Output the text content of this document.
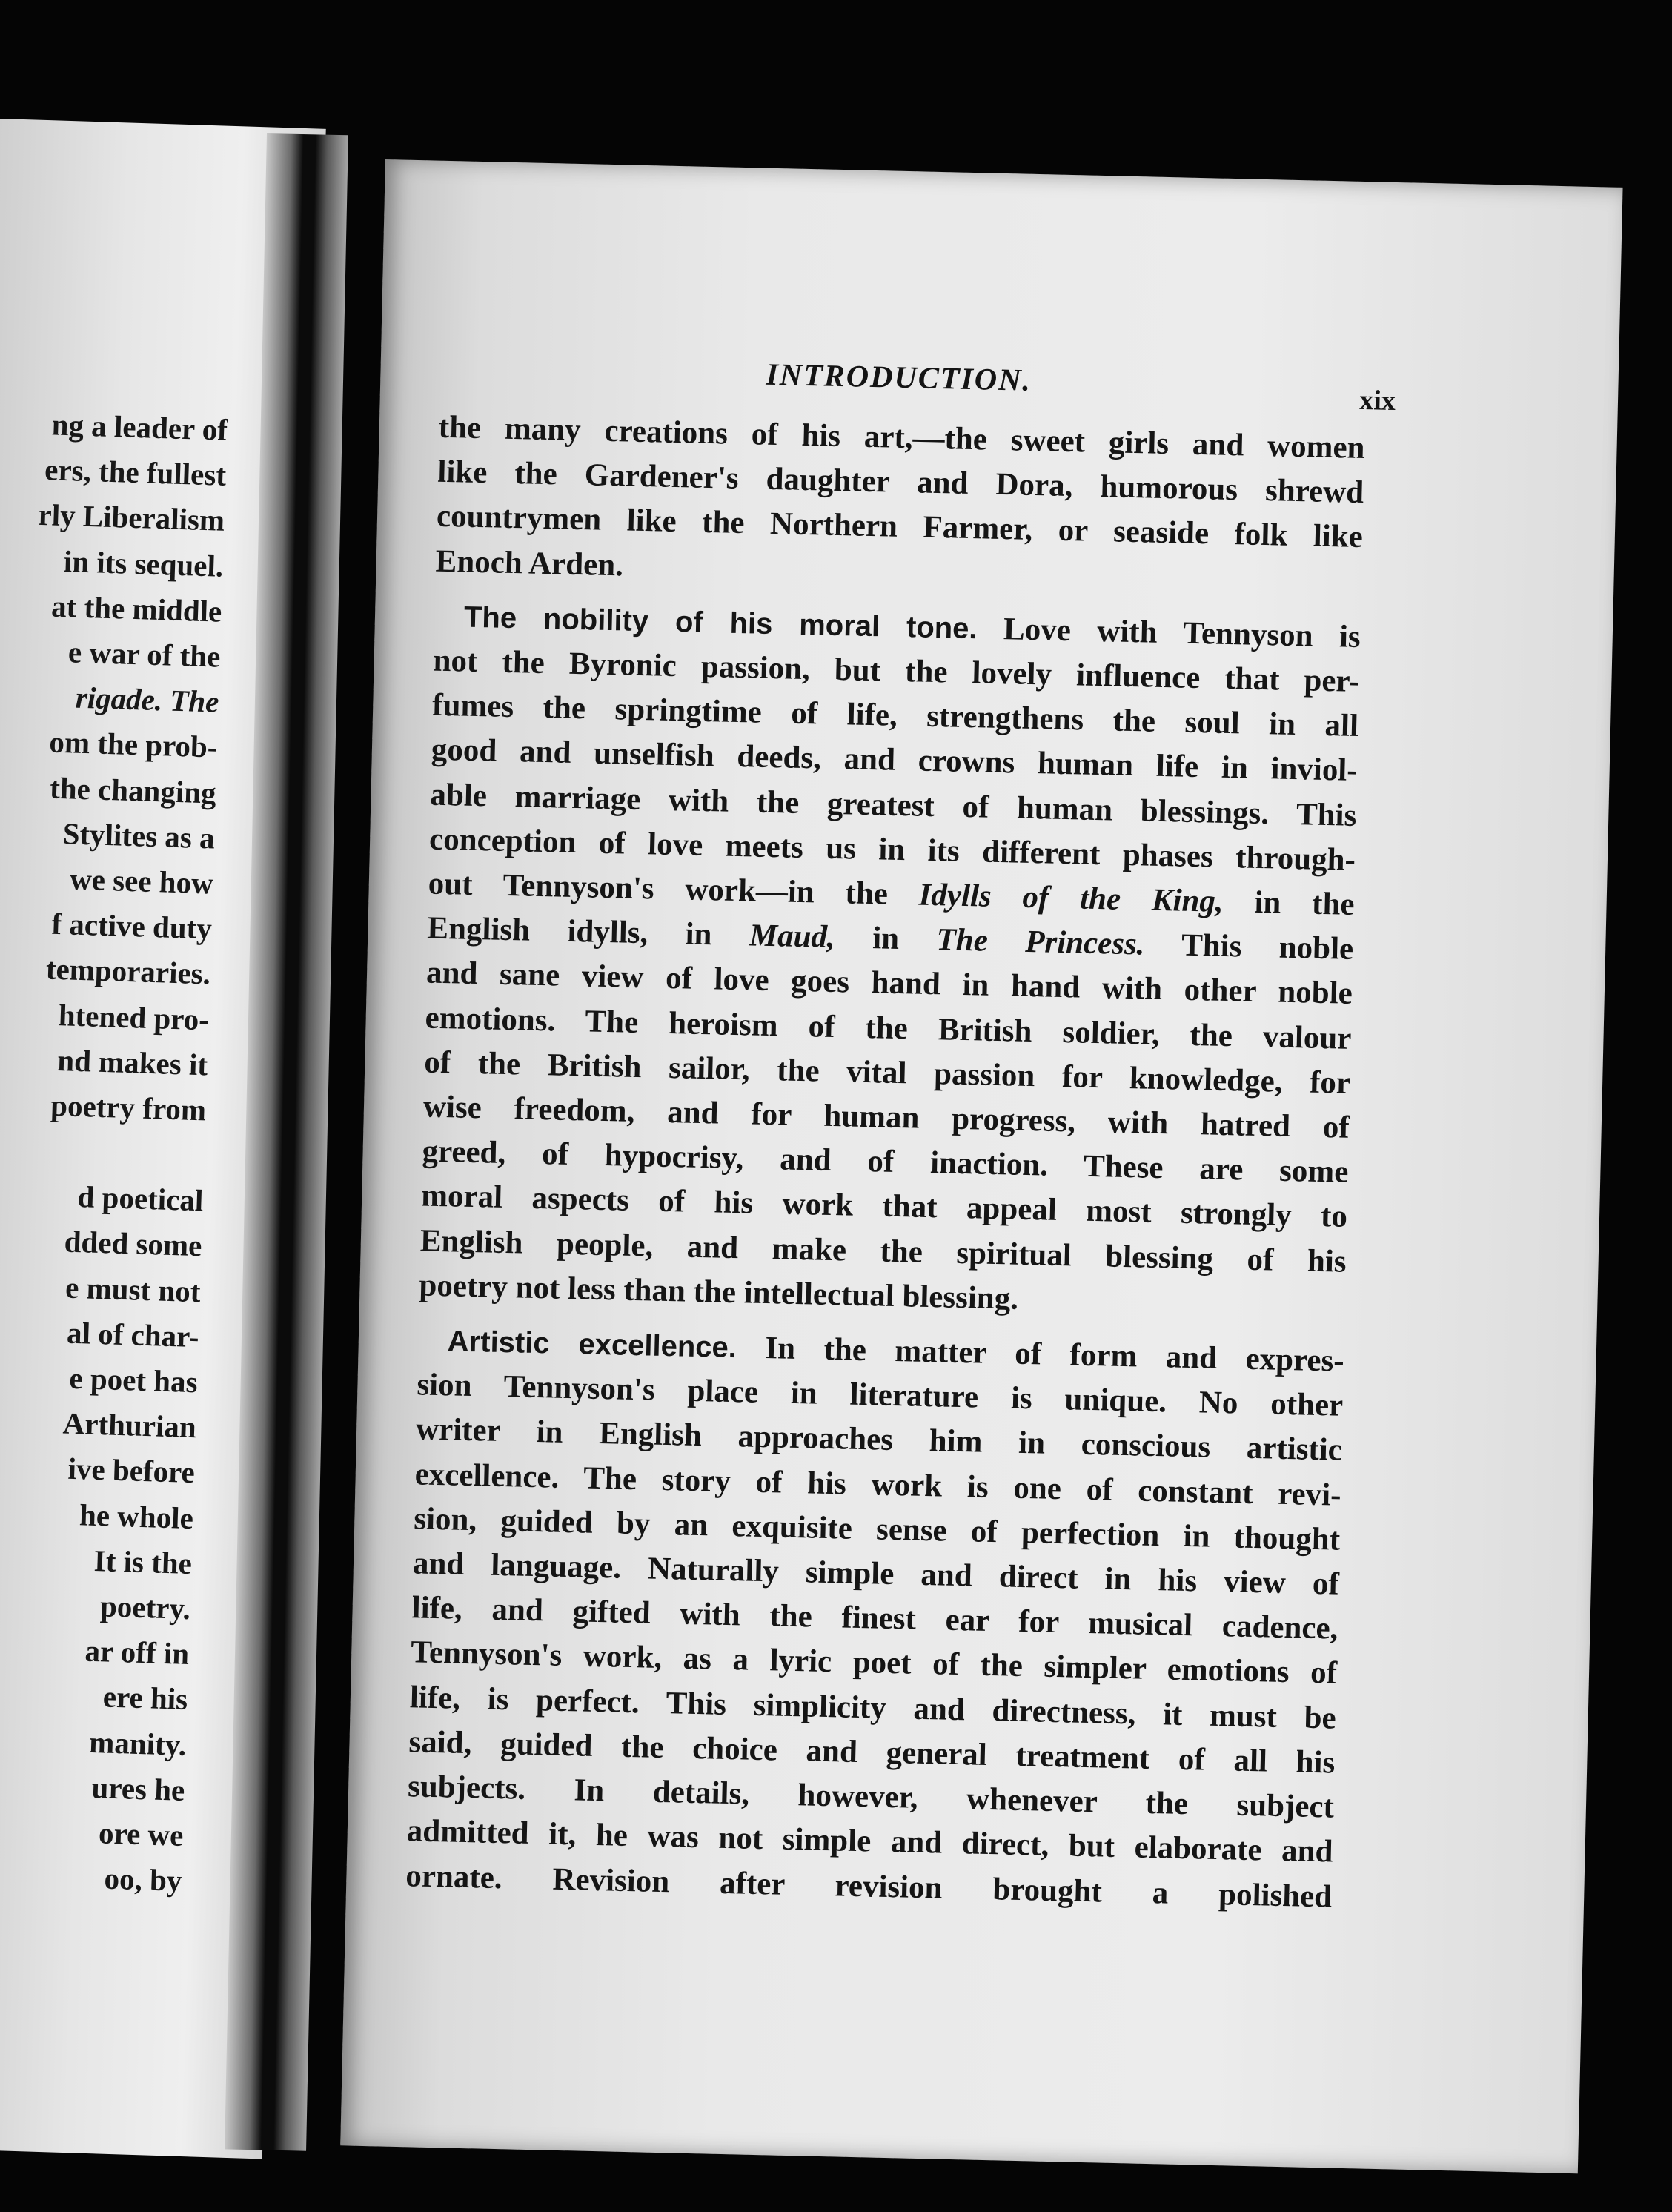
ng a leader of
ers, the fullest
rly Liberalism
in its sequel.
at the middle
e war of the
rigade. The
om the prob-
the changing
Stylites as a
we see how
f active duty
temporaries.
htened pro-
nd makes it
poetry from
d poetical
dded some
e must not
al of char-
e poet has
Arthurian
ive before
he whole
It is the
poetry.
ar off in
ere his
manity.
ures he
ore we
oo, by
INTRODUCTION.
xix
the many creations of his art,—the sweet girls and women
like the Gardener's daughter and Dora, humorous shrewd
countrymen like the Northern Farmer, or seaside folk like
Enoch Arden.
The nobility of his moral tone. Love with Tennyson is
not the Byronic passion, but the lovely influence that per-
fumes the springtime of life, strengthens the soul in all
good and unselfish deeds, and crowns human life in inviol-
able marriage with the greatest of human blessings. This
conception of love meets us in its different phases through-
out Tennyson's work—in the Idylls of the King, in the
English idylls, in Maud, in The Princess. This noble
and sane view of love goes hand in hand with other noble
emotions. The heroism of the British soldier, the valour
of the British sailor, the vital passion for knowledge, for
wise freedom, and for human progress, with hatred of
greed, of hypocrisy, and of inaction. These are some
moral aspects of his work that appeal most strongly to
English people, and make the spiritual blessing of his
poetry not less than the intellectual blessing.
Artistic excellence. In the matter of form and expres-
sion Tennyson's place in literature is unique. No other
writer in English approaches him in conscious artistic
excellence. The story of his work is one of constant revi-
sion, guided by an exquisite sense of perfection in thought
and language. Naturally simple and direct in his view of
life, and gifted with the finest ear for musical cadence,
Tennyson's work, as a lyric poet of the simpler emotions of
life, is perfect. This simplicity and directness, it must be
said, guided the choice and general treatment of all his
subjects. In details, however, whenever the subject
admitted it, he was not simple and direct, but elaborate and
ornate. Revision after revision brought a polished
